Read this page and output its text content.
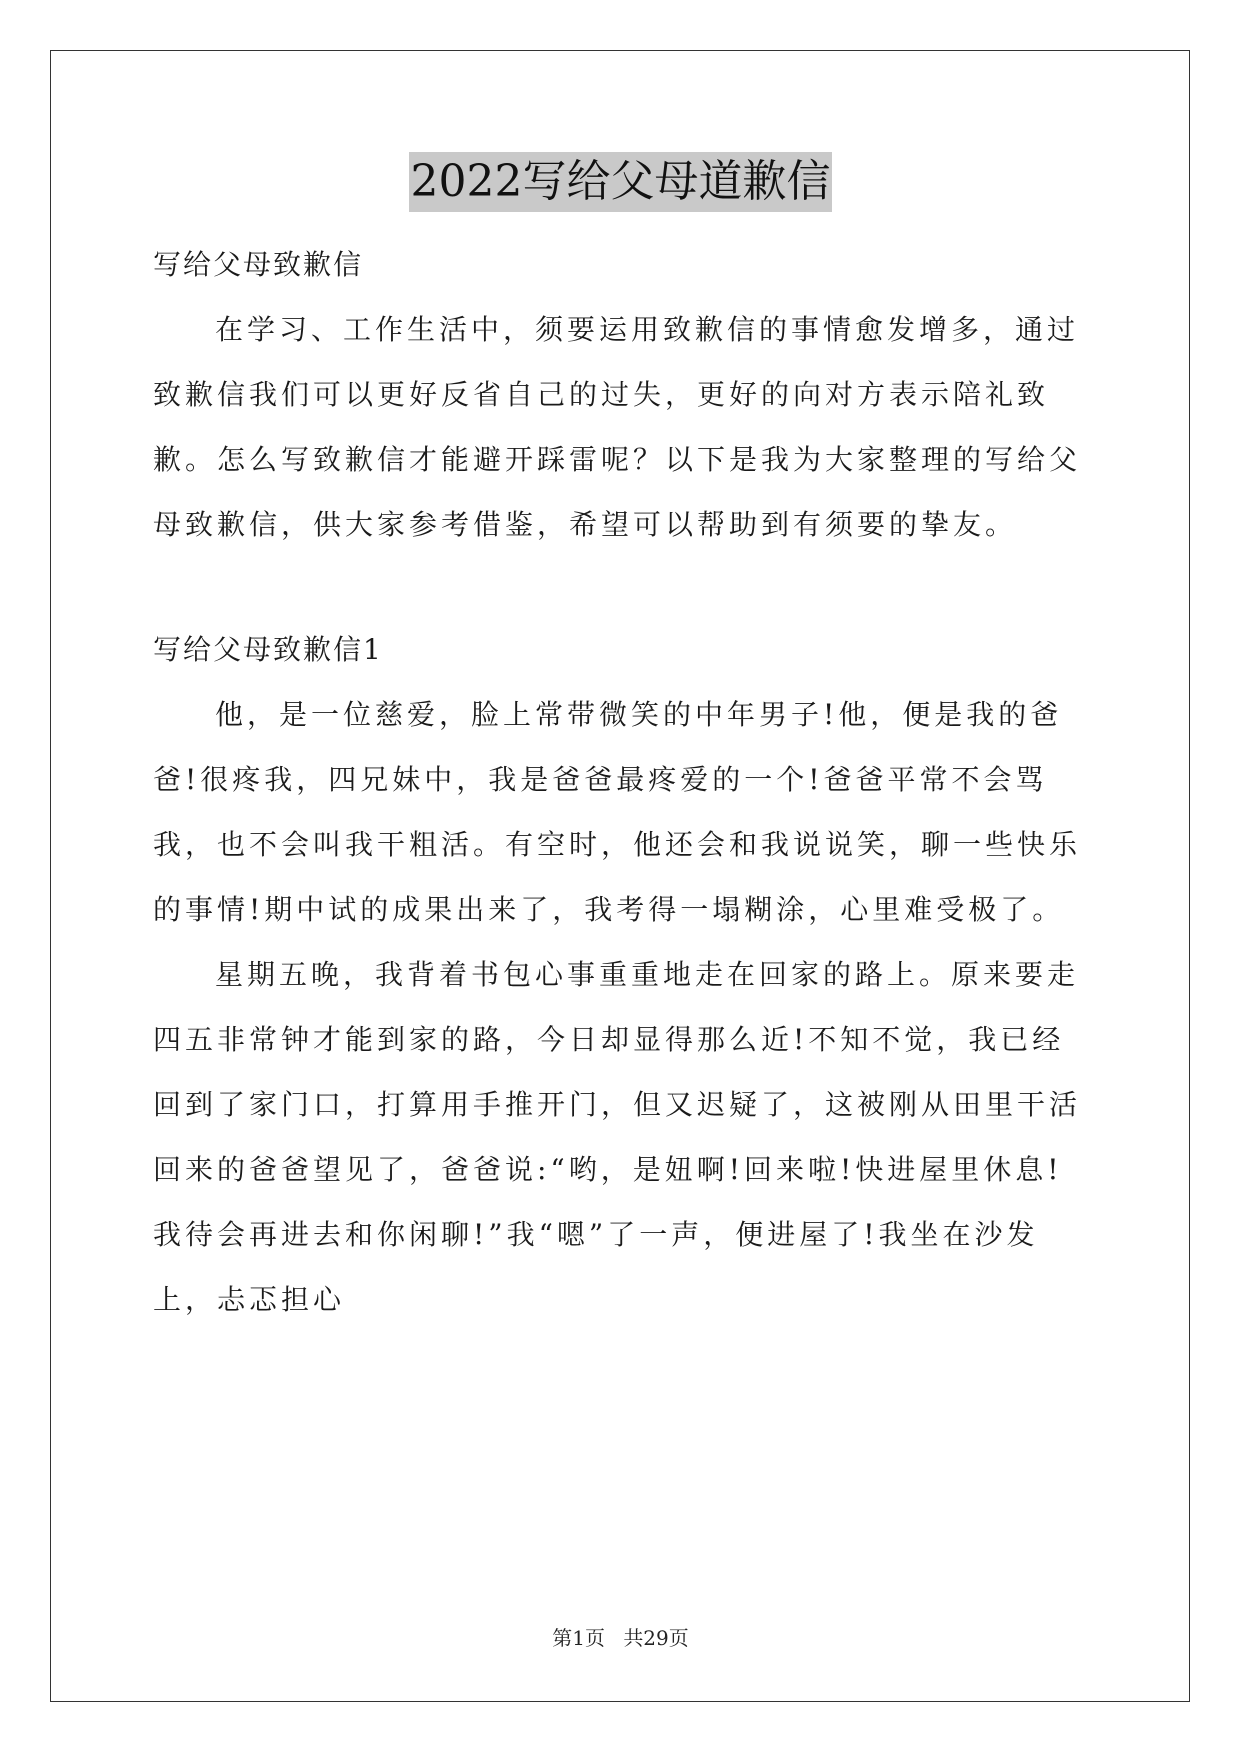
2022写给父母道歉信

写给父母致歉信

在学习、工作生活中，须要运用致歉信的事情愈发增多，通过致歉信我们可以更好反省自己的过失，更好的向对方表示陪礼致歉。怎么写致歉信才能避开踩雷呢？以下是我为大家整理的写给父母致歉信，供大家参考借鉴，希望可以帮助到有须要的挚友。

写给父母致歉信1

他，是一位慈爱，脸上常带微笑的中年男子!他，便是我的爸爸!很疼我，四兄妹中，我是爸爸最疼爱的一个!爸爸平常不会骂我，也不会叫我干粗活。有空时，他还会和我说说笑，聊一些快乐的事情!期中试的成果出来了，我考得一塌糊涂，心里难受极了。

星期五晚，我背着书包心事重重地走在回家的路上。原来要走四五非常钟才能到家的路，今日却显得那么近!不知不觉，我已经回到了家门口，打算用手推开门，但又迟疑了，这被刚从田里干活回来的爸爸望见了，爸爸说:“哟，是妞啊!回来啦!快进屋里休息!我待会再进去和你闲聊!”我“嗯”了一声，便进屋了!我坐在沙发上，忐忑担心

第1页 共29页
